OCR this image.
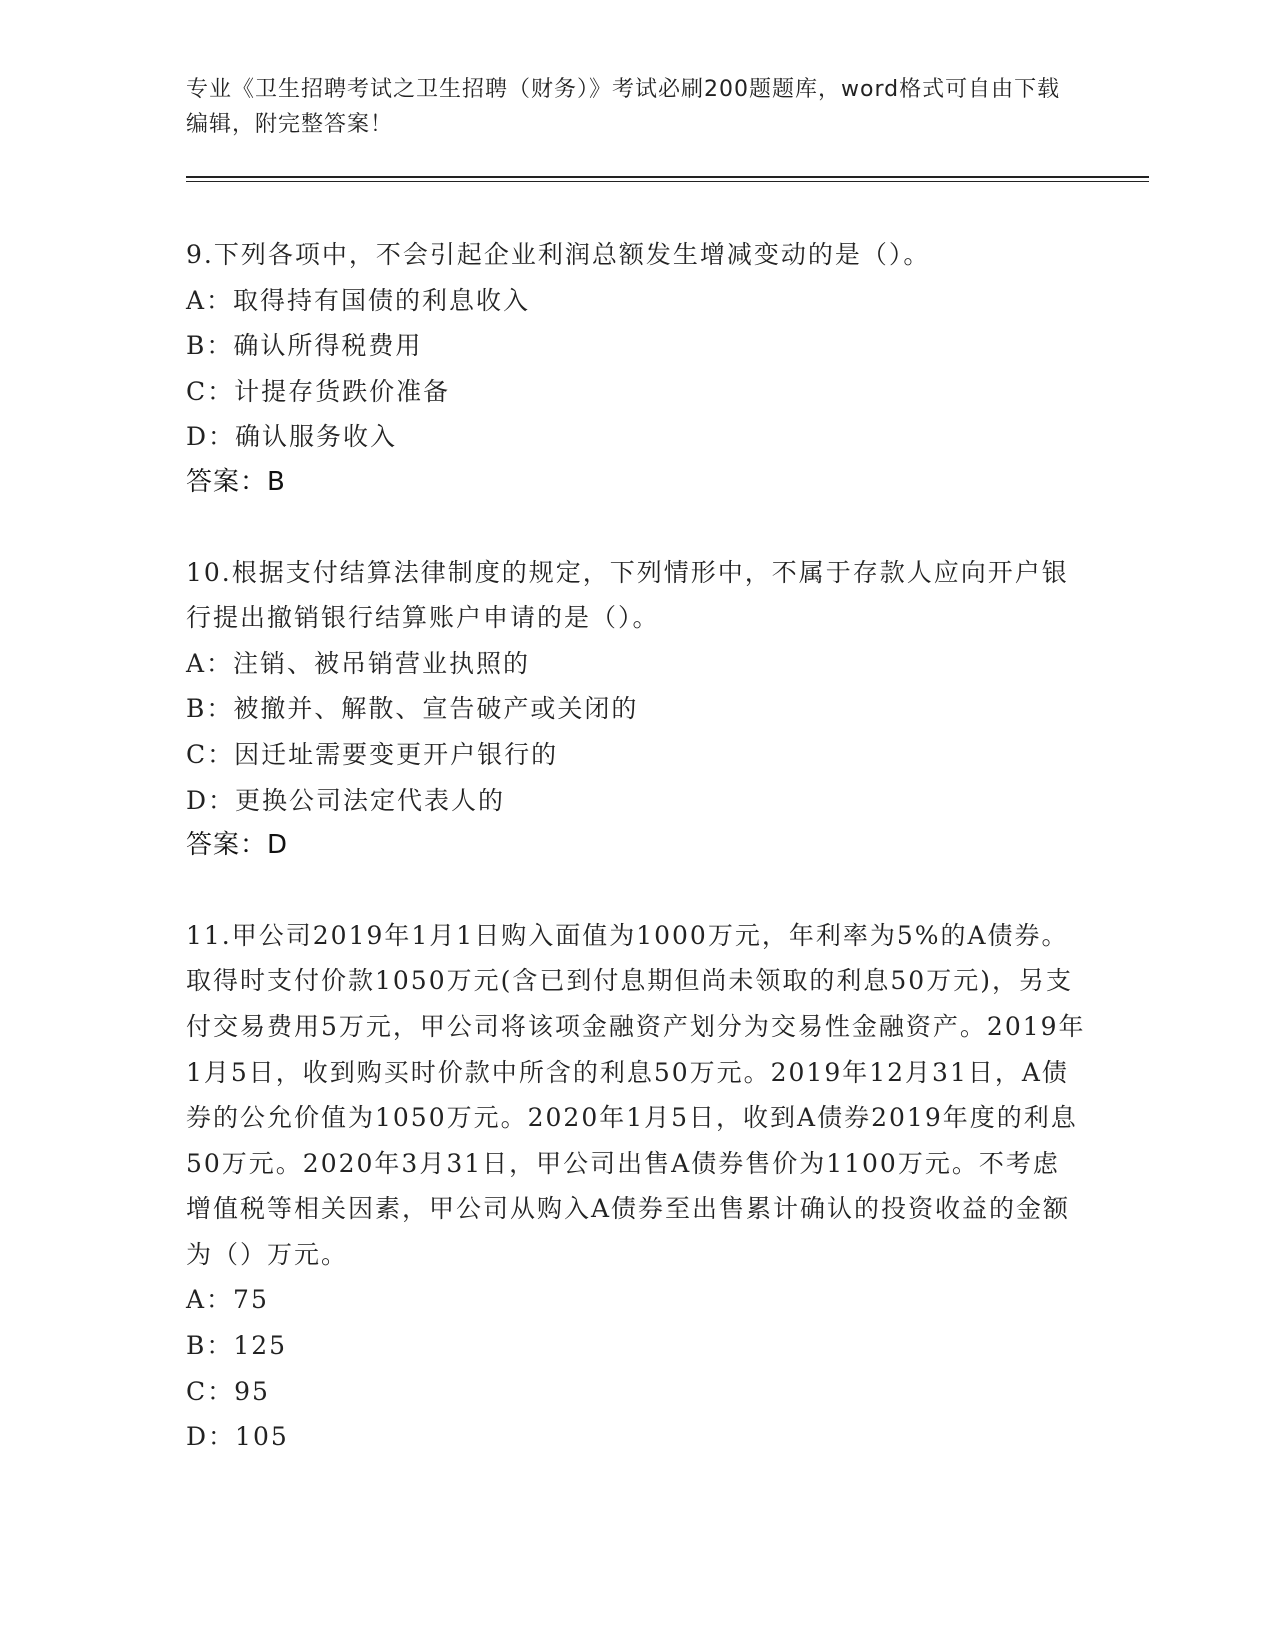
专业《卫生招聘考试之卫生招聘（财务）》考试必刷200题题库，word格式可自由下载编辑，附完整答案！

9.下列各项中，不会引起企业利润总额发生增减变动的是（）。

A：取得持有国债的利息收入

B：确认所得税费用

C：计提存货跌价准备

D：确认服务收入

答案：B

10.根据支付结算法律制度的规定，下列情形中，不属于存款人应向开户银行提出撤销银行结算账户申请的是（）。

A：注销、被吊销营业执照的

B：被撤并、解散、宣告破产或关闭的

C：因迁址需要变更开户银行的

D：更换公司法定代表人的

答案：D

11.甲公司2019年1月1日购入面值为1000万元，年利率为5%的A债券。取得时支付价款1050万元(含已到付息期但尚未领取的利息50万元)，另支付交易费用5万元，甲公司将该项金融资产划分为交易性金融资产。2019年1月5日，收到购买时价款中所含的利息50万元。2019年12月31日，A债券的公允价值为1050万元。2020年1月5日，收到A债券2019年度的利息50万元。2020年3月31日，甲公司出售A债券售价为1100万元。不考虑增值税等相关因素，甲公司从购入A债券至出售累计确认的投资收益的金额为（）万元。

A：75

B：125

C：95

D：105
